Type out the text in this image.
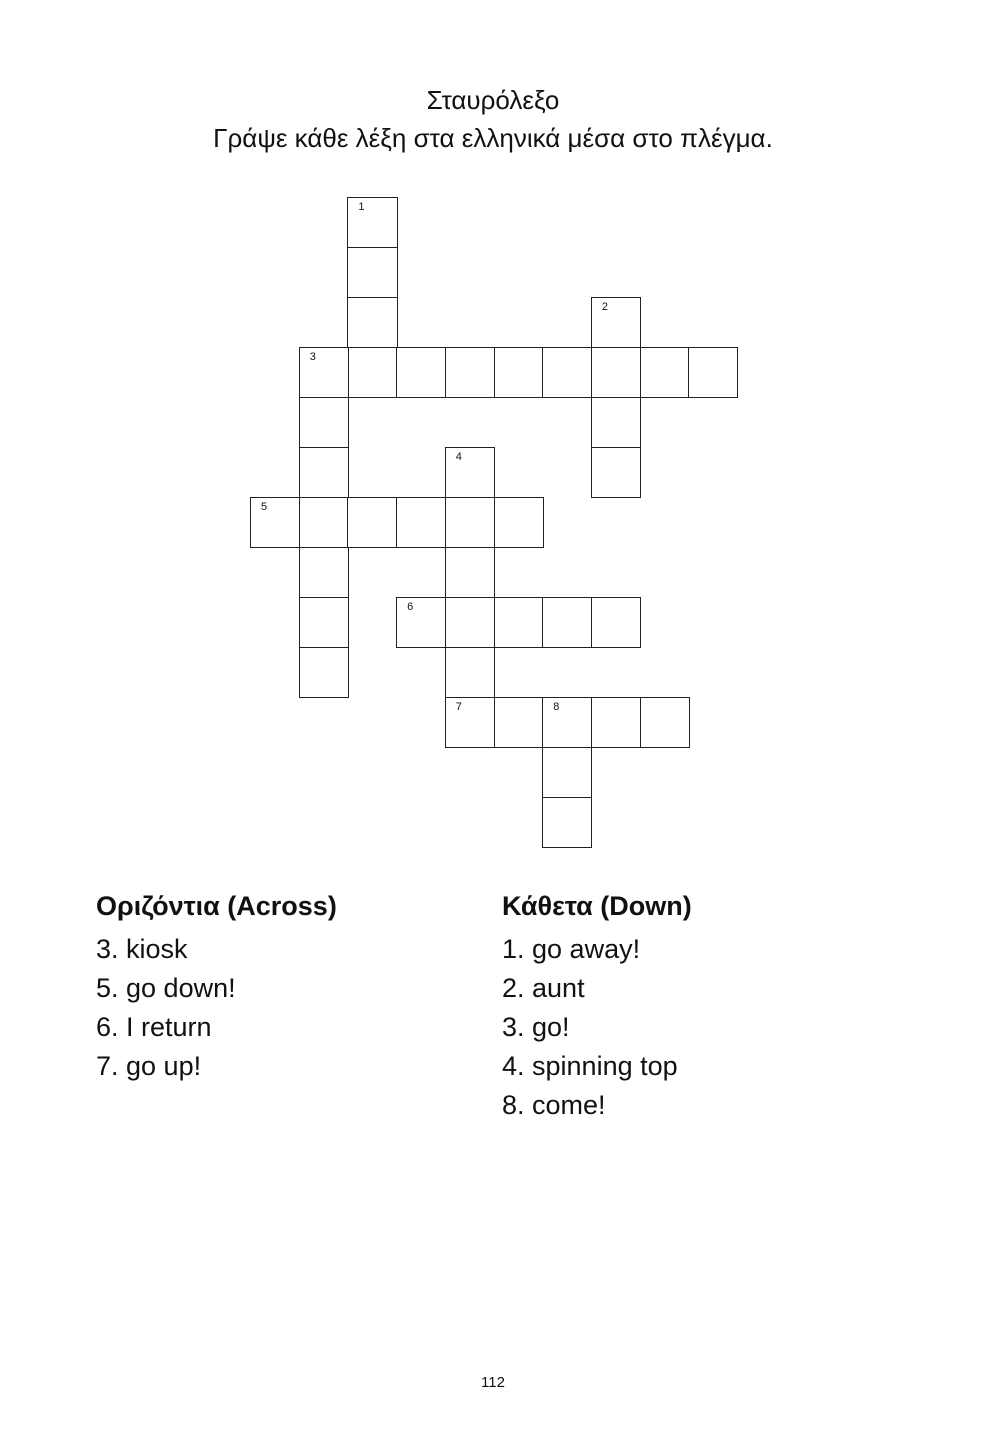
Σταυρόλεξο
Γράψε κάθε λέξη στα ελληνικά μέσα στο πλέγμα.
1
2
3
4
7
5
6
8
Οριζόντια (Across)
3. kiosk
5. go down!
6. I return
7. go up!
Κάθετα (Down)
1. go away!
2. aunt
3. go!
4. spinning top
8. come!
112
